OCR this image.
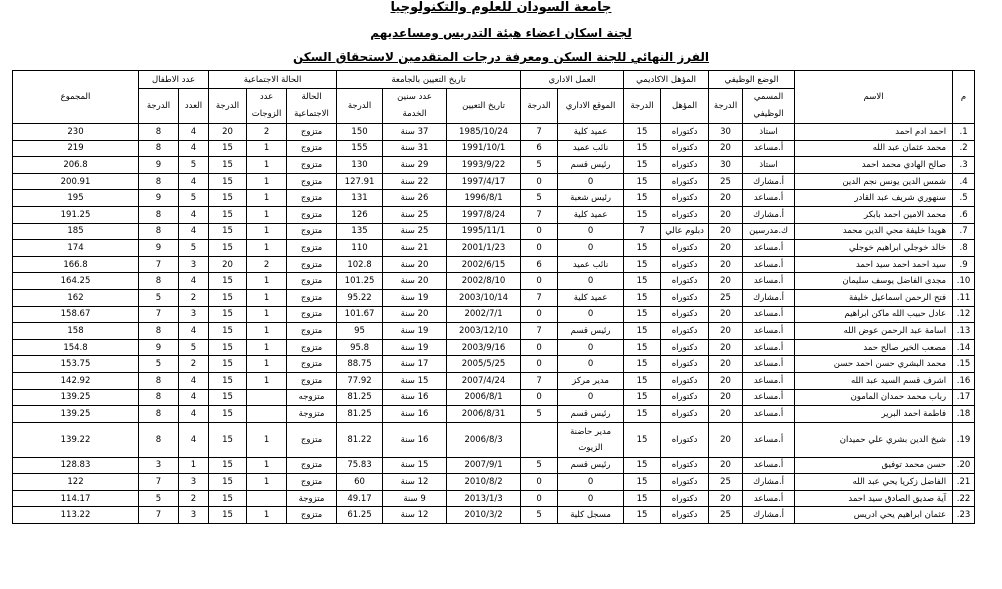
جامعة السودان للعلوم والتكنولوجيا
لجنة اسكان اعضاء هيئة التدريس ومساعديهم
الفرز النهائي للجنة السكن ومعرفة درجات المتقدمين لاستحقاق السكن
م	الاسم	الوضع الوظيفي		المؤهل الاكاديمي		العمل الاداري		تاريخ التعيين بالجامعة			الحالة الاجتماعية			عدد الاطفال		المجموع
		المسمي الوظيفي	الدرجة	المؤهل	الدرجة	الموقع الاداري	الدرجة	تاريخ التعيين	عدد سنين الخدمة	الدرجة	الحالة الاجتماعية	عدد الزوجات	الدرجة	العدد	الدرجة	
1.	احمد ادم احمد	استاذ	30	دكتوراه	15	عميد كلية	7	1985/10/24	37 سنة	150	متزوج	2	20	4	8	230
2.	محمد عثمان عبد الله	أ.مساعد	20	دكتوراه	15	نائب عميد	6	1991/10/1	31 سنة	155	متزوج	1	15	4	8	219
3.	صالح الهادي محمد احمد	استاذ	30	دكتوراه	15	رئيس قسم	5	1993/9/22	29 سنة	130	متزوج	1	15	5	9	206.8
4.	شمس الدين يونس نجم الدين	أ.مشارك	25	دكتوراه	15	0	0	1997/4/17	22 سنة	127.91	متزوج	1	15	4	8	200.91
5.	سنهوري شريف عبد القادر	أ.مساعد	20	دكتوراه	15	رئيس شعبة	5	1996/8/1	26 سنة	131	متزوج	1	15	5	9	195
6.	محمد الامين احمد بابكر	أ.مشارك	20	دكتوراه	15	عميد كلية	7	1997/8/24	25 سنة	126	متزوج	1	15	4	8	191.25
7.	هويدا خليفة محي الدين محمد	ك.مدرسين	20	دبلوم عالي	7	0	0	1995/11/1	25 سنة	135	متزوج	1	15	4	8	185
8.	خالد خوجلي ابراهيم خوجلي	أ.مساعد	20	دكتوراه	15	0	0	2001/1/23	21 سنة	110	متزوج	1	15	5	9	174
9.	سيد احمد احمد سيد احمد	أ.مساعد	20	دكتوراه	15	نائب عميد	6	2002/6/15	20 سنة	102.8	متزوج	2	20	3	7	166.8
10.	مجدى الفاضل يوسف سليمان	أ.مساعد	20	دكتوراه	15	0	0	2002/8/10	20 سنة	101.25	متزوج	1	15	4	8	164.25
11.	فتح الرحمن اسماعيل خليفة	أ.مشارك	25	دكتوراه	15	عميد كلية	7	2003/10/14	19 سنة	95.22	متزوج	1	15	2	5	162
12.	عادل حبيب الله ماكن ابراهيم	أ.مساعد	20	دكتوراه	15	0	0	2002/7/1	20 سنة	101.67	متزوج	1	15	3	7	158.67
13.	اسامة عبد الرحمن عوض الله	أ.مساعد	20	دكتوراه	15	رئيس قسم	7	2003/12/10	19 سنة	95	متزوج	1	15	4	8	158
14.	مصعب الخير صالح حمد	أ.مساعد	20	دكتوراه	15	0	0	2003/9/16	19 سنة	95.8	متزوج	1	15	5	9	154.8
15.	محمد البشري حسن احمد حسن	أ.مساعد	20	دكتوراه	15	0	0	2005/5/25	17 سنة	88.75	متزوج	1	15	2	5	153.75
16.	اشرف قسم السيد عبد الله	أ.مساعد	20	دكتوراه	15	مدير مركز	7	2007/4/24	15 سنة	77.92	متزوج	1	15	4	8	142.92
17.	رباب محمد حمدان المامون	أ.مساعد	20	دكتوراه	15	0	0	2006/8/1	16 سنة	81.25	متزوجه		15	4	8	139.25
18.	فاطمة احمد البرير	أ.مساعد	20	دكتوراه	15	رئيس قسم	5	2006/8/31	16 سنة	81.25	متزوجة		15	4	8	139.25
19.	شيخ الدين بشري علي حميدان	أ.مساعد	20	دكتوراه	15	مدير حاضنة الزيوت		2006/8/3	16 سنة	81.22	متزوج	1	15	4	8	139.22
20.	حسن محمد توفيق	أ.مساعد	20	دكتوراه	15	رئيس قسم	5	2007/9/1	15 سنة	75.83	متزوج	1	15	1	3	128.83
21.	الفاضل زكريا يحي عبد الله	أ.مشارك	25	دكتوراه	15	0	0	2010/8/2	12 سنة	60	متزوج	1	15	3	7	122
22.	آية صديق الصادق سيد احمد	أ.مساعد	20	دكتوراه	15	0	0	2013/1/3	9 سنة	49.17	متزوجة		15	2	5	114.17
23.	عثمان ابراهيم يحي ادريس	أ.مشارك	25	دكتوراه	15	مسجل كلية	5	2010/3/2	12 سنة	61.25	متزوج	1	15	3	7	113.22
